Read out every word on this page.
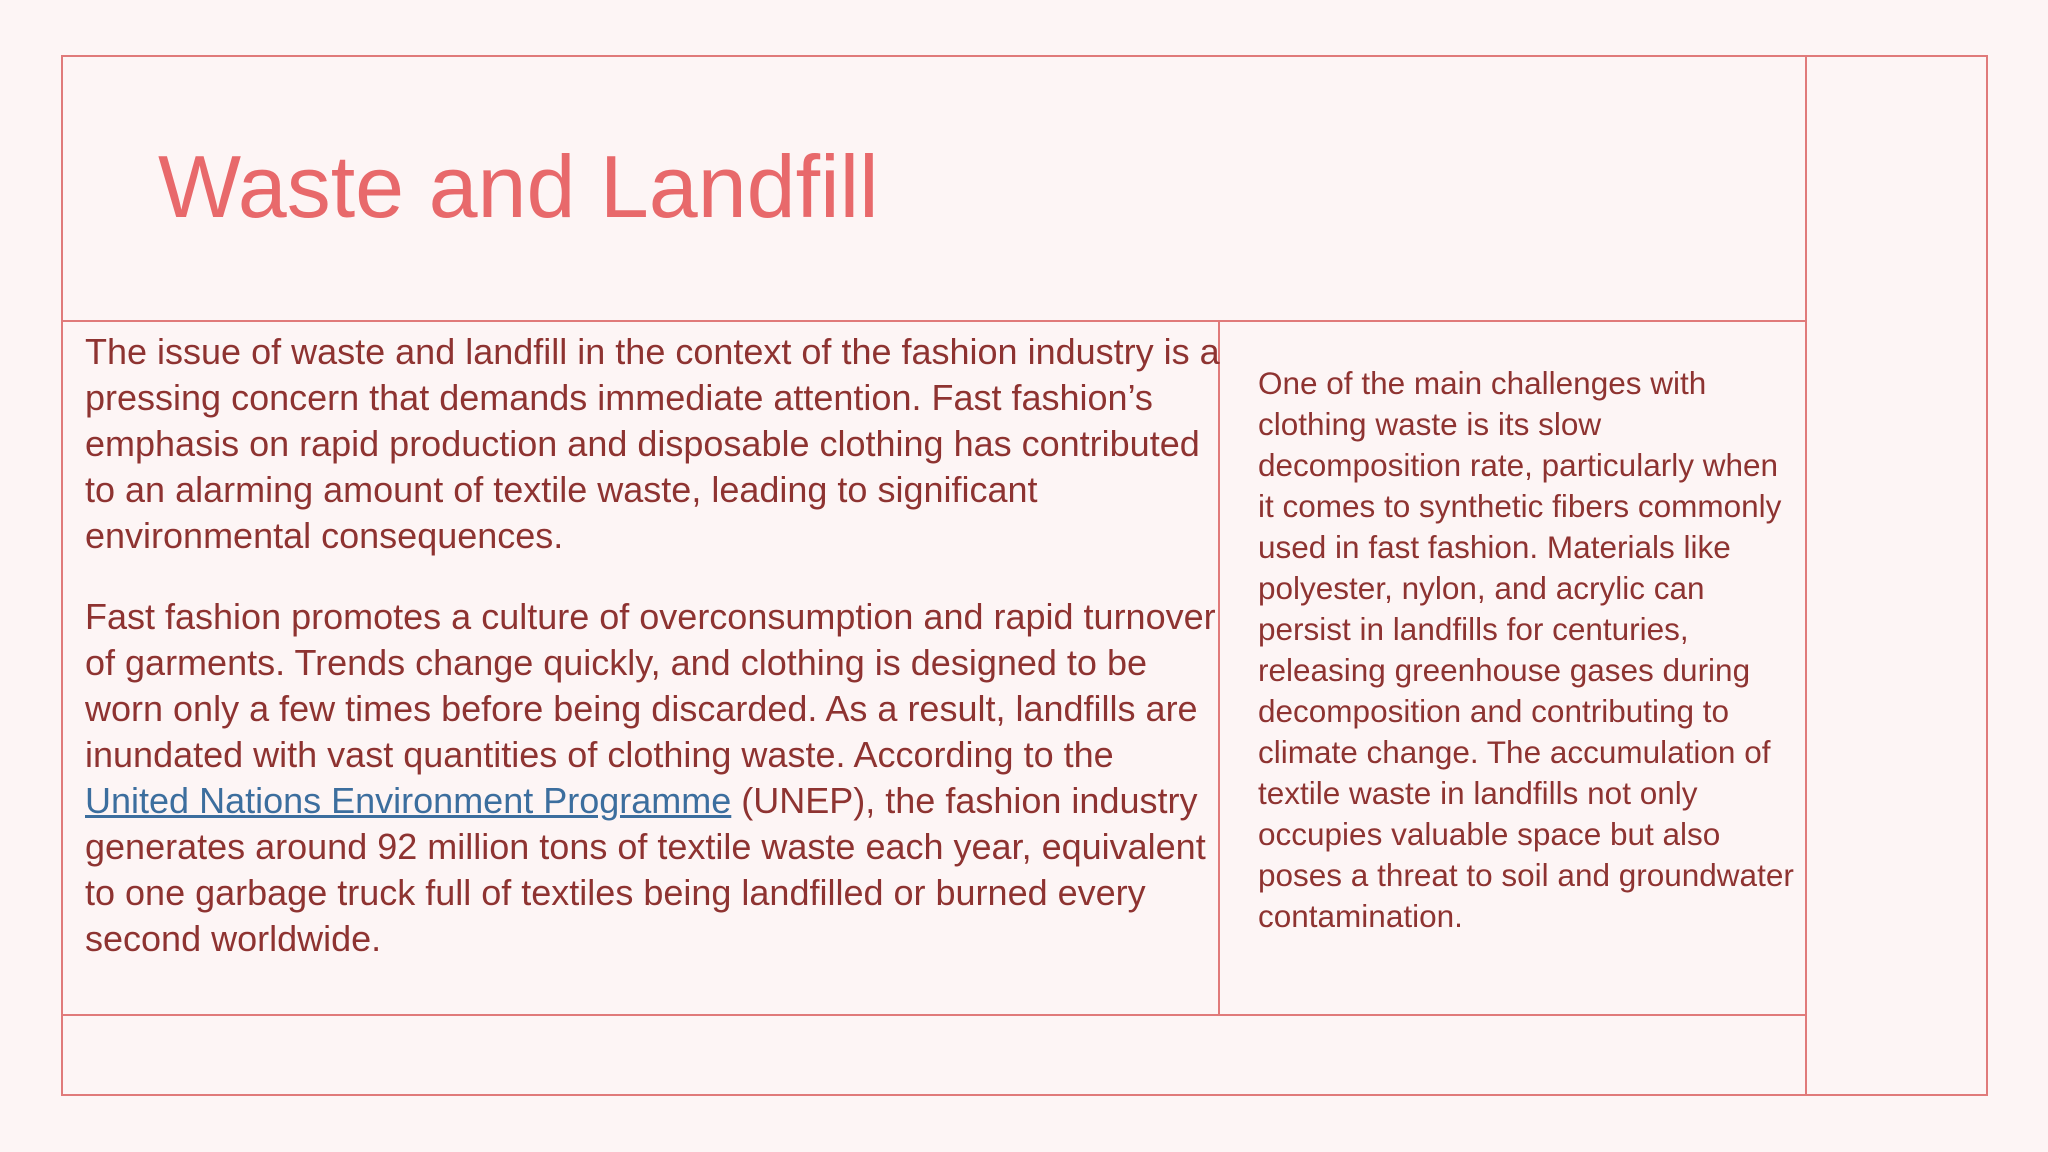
Waste and Landfill

The issue of waste and landfill in the context of the fashion industry is a pressing concern that demands immediate attention. Fast fashion’s emphasis on rapid production and disposable clothing has contributed to an alarming amount of textile waste, leading to significant environmental consequences.

Fast fashion promotes a culture of overconsumption and rapid turnover of garments. Trends change quickly, and clothing is designed to be worn only a few times before being discarded. As a result, landfills are inundated with vast quantities of clothing waste. According to the United Nations Environment Programme (UNEP), the fashion industry generates around 92 million tons of textile waste each year, equivalent to one garbage truck full of textiles being landfilled or burned every second worldwide.

One of the main challenges with clothing waste is its slow decomposition rate, particularly when it comes to synthetic fibers commonly used in fast fashion. Materials like polyester, nylon, and acrylic can persist in landfills for centuries, releasing greenhouse gases during decomposition and contributing to climate change. The accumulation of textile waste in landfills not only occupies valuable space but also poses a threat to soil and groundwater contamination.
